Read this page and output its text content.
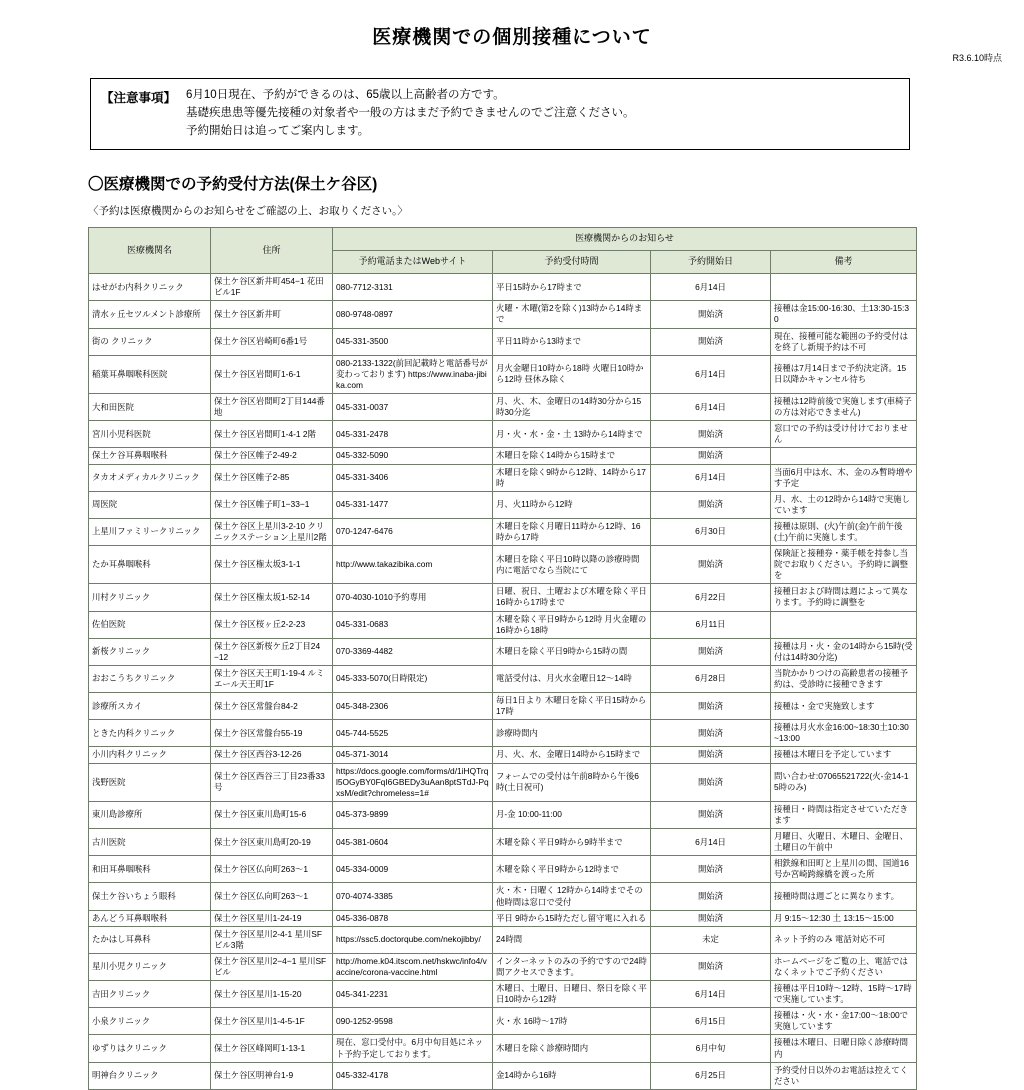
医療機関での個別接種について
R3.6.10時点
【注意事項】 6月10日現在、予約ができるのは、65歳以上高齢者の方です。
基礎疾患患等優先接種の対象者や一般の方はまだ予約できませんのでご注意ください。
予約開始日は追ってご案内します。
〇医療機関での予約受付方法(保土ケ谷区)
〈予約は医療機関からのお知らせをご確認の上、お取りください。〉
医療機関名	住所	医療機関からのお知らせ			
		予約電話またはWebサイト	予約受付時間	予約開始日	備考
はせがわ内科クリニック	保土ケ谷区新井町454−1 花田ビル1F	080-7712-3131	平日15時から17時まで	6月14日	
清水ヶ丘セツルメント診療所	保土ケ谷区新井町	080-9748-0897	火曜・木曜(第2を除く)13時から14時まで	開始済	接種は金15:00-16:30、土13:30-15:30
街の クリニック	保土ケ谷区岩崎町6番1号	045-331-3500	平日11時から13時まで	開始済	現在、接種可能な範囲の予約受付はを終了し新規予約は不可
稲葉耳鼻咽喉科医院	保土ケ谷区岩間町1-6-1	080-2133-1322(前回記載時と電話番号が変わっております) https://www.inaba-jibika.com	月火金曜日10時から18時 火曜日10時から12時 昼休み除く	6月14日	接種は7月14日まで予約決定済。15日以降かキャンセル待ち
大和田医院	保土ケ谷区岩間町2丁目144番地	045-331-0037	月、火、木、金曜日の14時30分から15時30分迄	6月14日	接種は12時前後で実施します(車椅子の方は対応できません)
宮川小児科医院	保土ケ谷区岩間町1-4-1 2階	045-331-2478	月・火・水・金・土 13時から14時まで	開始済	窓口での予約は受け付けておりません
保土ケ谷耳鼻咽喉科	保土ケ谷区帷子2-49-2	045-332-5090	木曜日を除く14時から15時まで	開始済	
タカオメディカルクリニック	保土ケ谷区帷子2-85	045-331-3406	木曜日を除く9時から12時、14時から17時	6月14日	当面6月中は水、木、金のみ暫時増やす予定
周医院	保土ケ谷区帷子町1−33−1	045-331-1477	月、火11時から12時	開始済	月、水、土の12時から14時で実施しています
上星川ファミリークリニック	保土ケ谷区上星川3-2-10 クリニックステーション上星川2階	070-1247-6476	木曜日を除く月曜日11時から12時、16時から17時	6月30日	接種は原則、(火)午前(金)午前午後(土)午前に実施します。
たか耳鼻咽喉科	保土ケ谷区権太坂3-1-1	http://www.takazibika.com	木曜日を除く平日10時以降の診療時間内に電話でなら当院にて	開始済	保険証と接種券・薬手帳を持参し当院でお取りください。予約時に調整を
川村クリニック	保土ケ谷区権太坂1-52-14	070-4030-1010予約専用	日曜、祝日、土曜および木曜を除く平日16時から17時まで	6月22日	接種日および時間は週によって異なります。予約時に調整を
佐伯医院	保土ケ谷区桜ヶ丘2-2-23	045-331-0683	木曜を除く平日9時から12時 月火金曜の16時から18時	6月11日	
新桜クリニック	保土ケ谷区新桜ケ丘2丁目24−12	070-3369-4482	木曜日を除く平日9時から15時の間	開始済	接種は月・火・金の14時から15時(受付は14時30分迄)
おおこうちクリニック	保土ケ谷区天王町1-19-4 ルミエール天王町1F	045-333-5070(日時限定)	電話受付は、月火水金曜日12〜14時	6月28日	当院かかりつけの高齢患者の接種予約は、受診時に接種できます
診療所スカイ	保土ケ谷区常盤台84-2	045-348-2306	毎日1日より 木曜日を除く平日15時から17時	開始済	接種は・金で実施致します
ときた内科クリニック	保土ケ谷区常盤台55-19	045-744-5525	診療時間内	開始済	接種は月火水金16:00~18:30土10:30~13:00
小川内科クリニック	保土ケ谷区西谷3-12-26	045-371-3014	月、火、水、金曜日14時から15時まで	開始済	接種は木曜日を予定しています
浅野医院	保土ケ谷区西谷三丁目23番33号	https://docs.google.com/forms/d/1iHQTrql5OGyBY0FqI6GBEDy3uAan8ptSTdJ-PqxsM/edit?chromeless=1#	フォームでの受付は午前8時から午後6時(土日祝可)	開始済	問い合わせ:07065521722(火-金14-15時のみ)
東川島診療所	保土ケ谷区東川島町15-6	045-373-9899	月-金 10:00-11:00	開始済	接種日・時間は指定させていただきます
古川医院	保土ケ谷区東川島町20-19	045-381-0604	木曜を除く平日9時から9時半まで	6月14日	月曜日、火曜日、木曜日、金曜日、土曜日の午前中
和田耳鼻咽喉科	保土ケ谷区仏向町263〜1	045-334-0009	木曜を除く平日9時から12時まで	開始済	相鉄線和田町と上星川の間、国道16号か宮崎跨線橋を渡った所
保土ケ谷いちょう眼科	保土ケ谷区仏向町263〜1	070-4074-3385	火・木・日曜く 12時から14時までその他時間は窓口で受付	開始済	接種時間は週ごとに異なります。
あんどう耳鼻咽喉科	保土ケ谷区星川1-24-19	045-336-0878	平日 9時から15時ただし留守電に入れる	開始済	月 9:15〜12:30 土 13:15〜15:00
たかはし耳鼻科	保土ケ谷区星川2-4-1 星川SFビル3階	https://ssc5.doctorqube.com/nekojibby/	24時間	未定	ネット予約のみ 電話対応不可
星川小児クリニック	保土ケ谷区星川2−4−1 星川SFビル	http://home.k04.itscom.net/hskwc/info4/vaccine/corona-vaccine.html	インターネットのみの予約ですので24時間アクセスできます。	開始済	ホームページをご覧の上、電話ではなくネットでご予約ください
吉田クリニック	保土ケ谷区星川1-15-20	045-341-2231	木曜日、土曜日、日曜日、祭日を除く平日10時から12時	6月14日	接種は平日10時〜12時、15時〜17時で実施しています。
小泉クリニック	保土ケ谷区星川1-4-5-1F	090-1252-9598	火・水 16時〜17時	6月15日	接種は・火・水・金17:00〜18:00で実施しています
ゆずりはクリニック	保土ケ谷区峰岡町1-13-1	現在、窓口受付中。6月中旬目処にネット予約予定しております。	木曜日を除く診療時間内	6月中旬	接種は木曜日、日曜日除く診療時間内
明神台クリニック	保土ケ谷区明神台1-9	045-332-4178	金14時から16時	6月25日	予約受付日以外のお電話は控えてください
